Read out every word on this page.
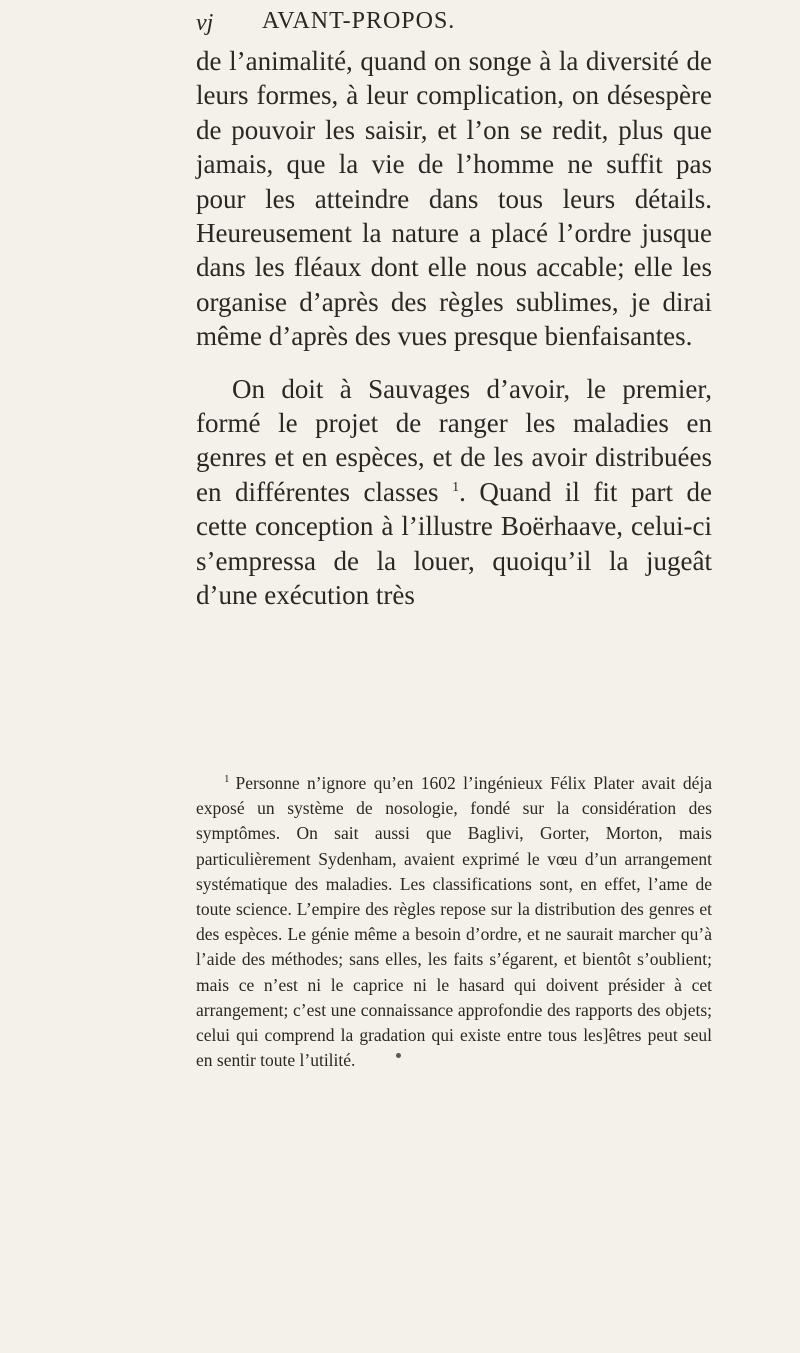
vj AVANT-PROPOS.

de l’animalité, quand on songe à la diversité de leurs formes, à leur complication, on désespère de pouvoir les saisir, et l’on se redit, plus que jamais, que la vie de l’homme ne suffit pas pour les atteindre dans tous leurs détails. Heureusement la nature a placé l’ordre jusque dans les fléaux dont elle nous accable; elle les organise d’après des règles sublimes, je dirai même d’après des vues presque bienfaisantes.

On doit à Sauvages d’avoir, le premier, formé le projet de ranger les maladies en genres et en espèces, et de les avoir distribuées en différentes classes $^1$. Quand il fit part de cette conception à l’illustre Boërhaave, celui-ci s’empressa de la louer, quoiqu’il la jugeât d’une exécution très

$^1$ Personne n’ignore qu’en 1602 l’ingénieux Félix Plater avait déja exposé un système de nosologie, fondé sur la considération des symptômes. On sait aussi que Baglivi, Gorter, Morton, mais particulièrement Sydenham, avaient exprimé le vœu d’un arrangement systématique des maladies. Les classifications sont, en effet, l’ame de toute science. L’empire des règles repose sur la distribution des genres et des espèces. Le génie même a besoin d’ordre, et ne saurait marcher qu’à l’aide des méthodes; sans elles, les faits s’égarent, et bientôt s’oublient; mais ce n’est ni le caprice ni le hasard qui doivent présider à cet arrangement; c’est une connaissance approfondie des rapports des objets; celui qui comprend la gradation qui existe entre tous les]êtres peut seul en sentir toute l’utilité.
